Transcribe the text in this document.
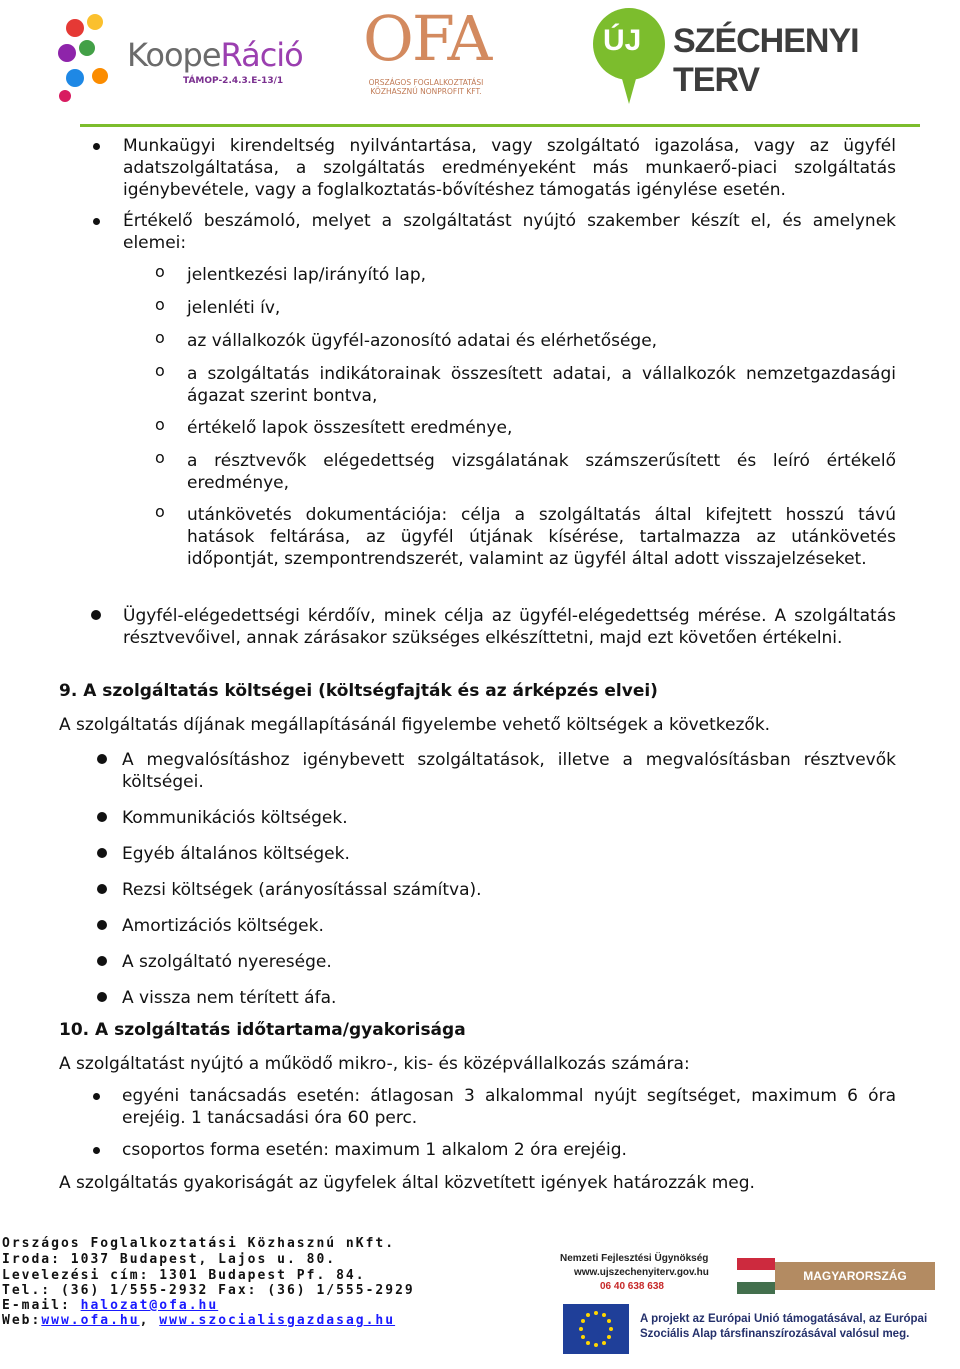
KoopeRáció
TÁMOP-2.4.3.E-13/1
OFA
ORSZÁGOS FOGLALKOZTATÁSI KÖZHASZNÚ NONPROFIT KFT.
ÚJ SZÉCHENYI TERV
Munkaügyi kirendeltség nyilvántartása, vagy szolgáltató igazolása, vagy az ügyfél adatszolgáltatása, a szolgáltatás eredményeként más munkaerő-piaci szolgáltatás igénybevétele, vagy a foglalkoztatás-bővítéshez támogatás igénylése esetén.
Értékelő beszámoló, melyet a szolgáltatást nyújtó szakember készít el, és amelynek elemei:
o jelentkezési lap/irányító lap,
o jelenléti ív,
o az vállalkozók ügyfél-azonosító adatai és elérhetősége,
o a szolgáltatás indikátorainak összesített adatai, a vállalkozók nemzetgazdasági ágazat szerint bontva,
o értékelő lapok összesített eredménye,
o a résztvevők elégedettség vizsgálatának számszerűsített és leíró értékelő eredménye,
o utánkövetés dokumentációja: célja a szolgáltatás által kifejtett hosszú távú hatások feltárása, az ügyfél útjának kísérése, tartalmazza az utánkövetés időpontját, szempontrendszerét, valamint az ügyfél által adott visszajelzéseket.
Ügyfél-elégedettségi kérdőív, minek célja az ügyfél-elégedettség mérése. A szolgáltatás résztvevőivel, annak zárásakor szükséges elkészíttetni, majd ezt követően értékelni.
9. A szolgáltatás költségei (költségfajták és az árképzés elvei)
A szolgáltatás díjának megállapításánál figyelembe vehető költségek a következők.
A megvalósításhoz igénybevett szolgáltatások, illetve a megvalósításban résztvevők költségei.
Kommunikációs költségek.
Egyéb általános költségek.
Rezsi költségek (arányosítással számítva).
Amortizációs költségek.
A szolgáltató nyeresége.
A vissza nem térített áfa.
10. A szolgáltatás időtartama/gyakorisága
A szolgáltatást nyújtó a működő mikro-, kis- és középvállalkozás számára:
egyéni tanácsadás esetén: átlagosan 3 alkalommal nyújt segítséget, maximum 6 óra erejéig. 1 tanácsadási óra 60 perc.
csoportos forma esetén: maximum 1 alkalom 2 óra erejéig.
A szolgáltatás gyakoriságát az ügyfelek által közvetített igények határozzák meg.
Országos Foglalkoztatási Közhasznú nKft.
Iroda: 1037 Budapest, Lajos u. 80.
Levelezési cím: 1301 Budapest Pf. 84.
Tel.: (36) 1/555-2932 Fax: (36) 1/555-2929
E-mail: halozat@ofa.hu
Web:www.ofa.hu, www.szocialisgazdasag.hu
Nemzeti Fejlesztési Ügynökség
www.ujszechenyiterv.gov.hu
06 40 638 638
MAGYARORSZÁG MEGÚJUL
A projekt az Európai Unió támogatásával, az Európai Szociális Alap társfinanszírozásával valósul meg.
